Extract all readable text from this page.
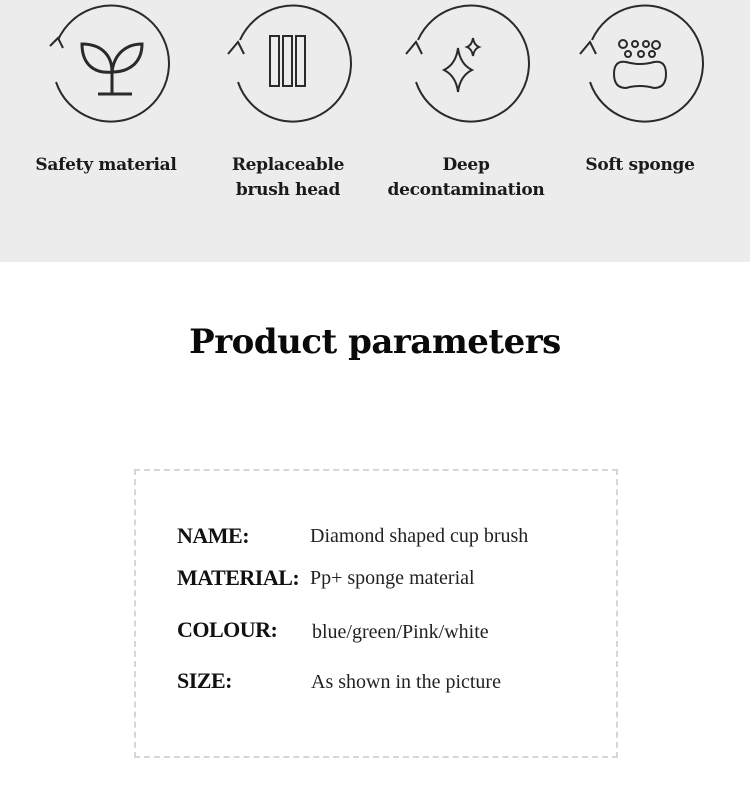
Safety material	Replaceable
brush head
Deep
decontamination
Soft sponge
Product parameters
NAME:	Diamond shaped cup brush
MATERIAL: Pp+ sponge material
COLOUR: blue/green/Pink/white
SIZE:	As shown in the picture
